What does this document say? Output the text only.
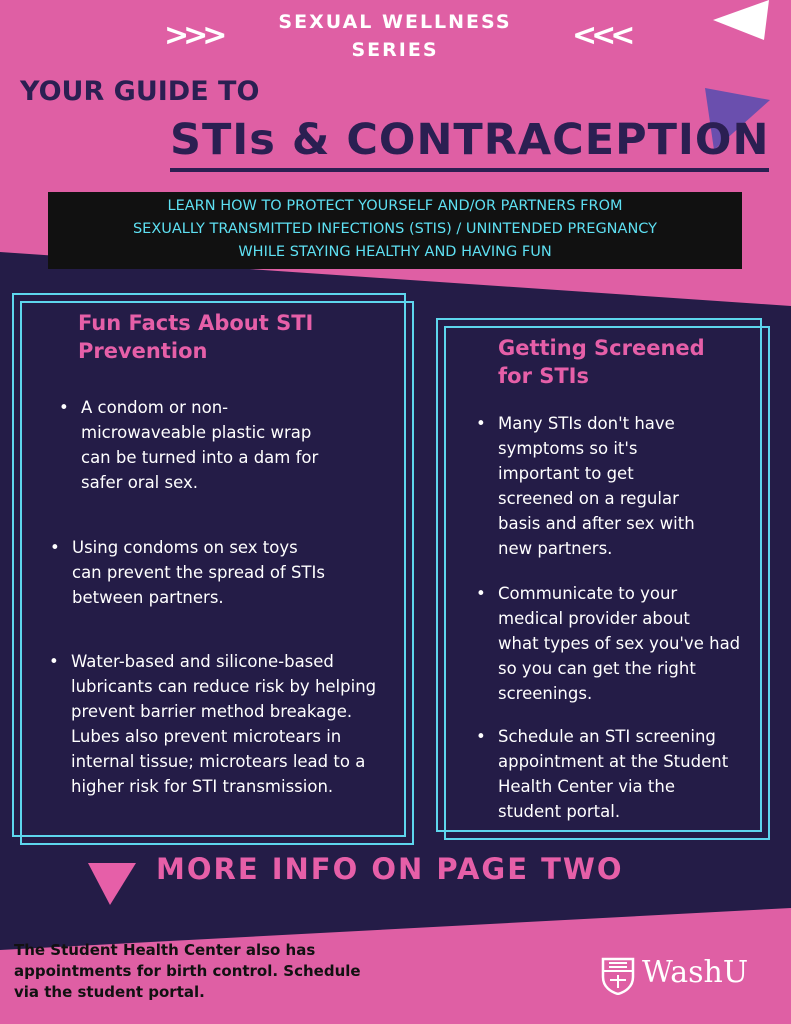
SEXUAL WELLNESS
SERIES
>>>	<<<
YOUR GUIDE TO
STIs & CONTRACEPTION
LEARN HOW TO PROTECT YOURSELF AND/OR PARTNERS FROM
SEXUALLY TRANSMITTED INFECTIONS (STIS) / UNINTENDED PREGNANCY
WHILE STAYING HEALTHY AND HAVING FUN
Fun Facts About STI
Prevention
• A condom or non-
microwaveable plastic wrap
can be turned into a dam for
safer oral sex.
• Using condoms on sex toys
can prevent the spread of STIs
between partners.
• Water-based and silicone-based
lubricants can reduce risk by helping
prevent barrier method breakage.
Lubes also prevent microtears in
internal tissue; microtears lead to a
higher risk for STI transmission.
Getting Screened
for STIs
• Many STIs don't have
symptoms so it's
important to get
screened on a regular
basis and after sex with
new partners.
• Communicate to your
medical provider about
what types of sex you've had
so you can get the right
screenings.
• Schedule an STI screening
appointment at the Student
Health Center via the
student portal.
MORE INFO ON PAGE TWO
The Student Health Center also has
appointments for birth control. Schedule
via the student portal.
WashU
